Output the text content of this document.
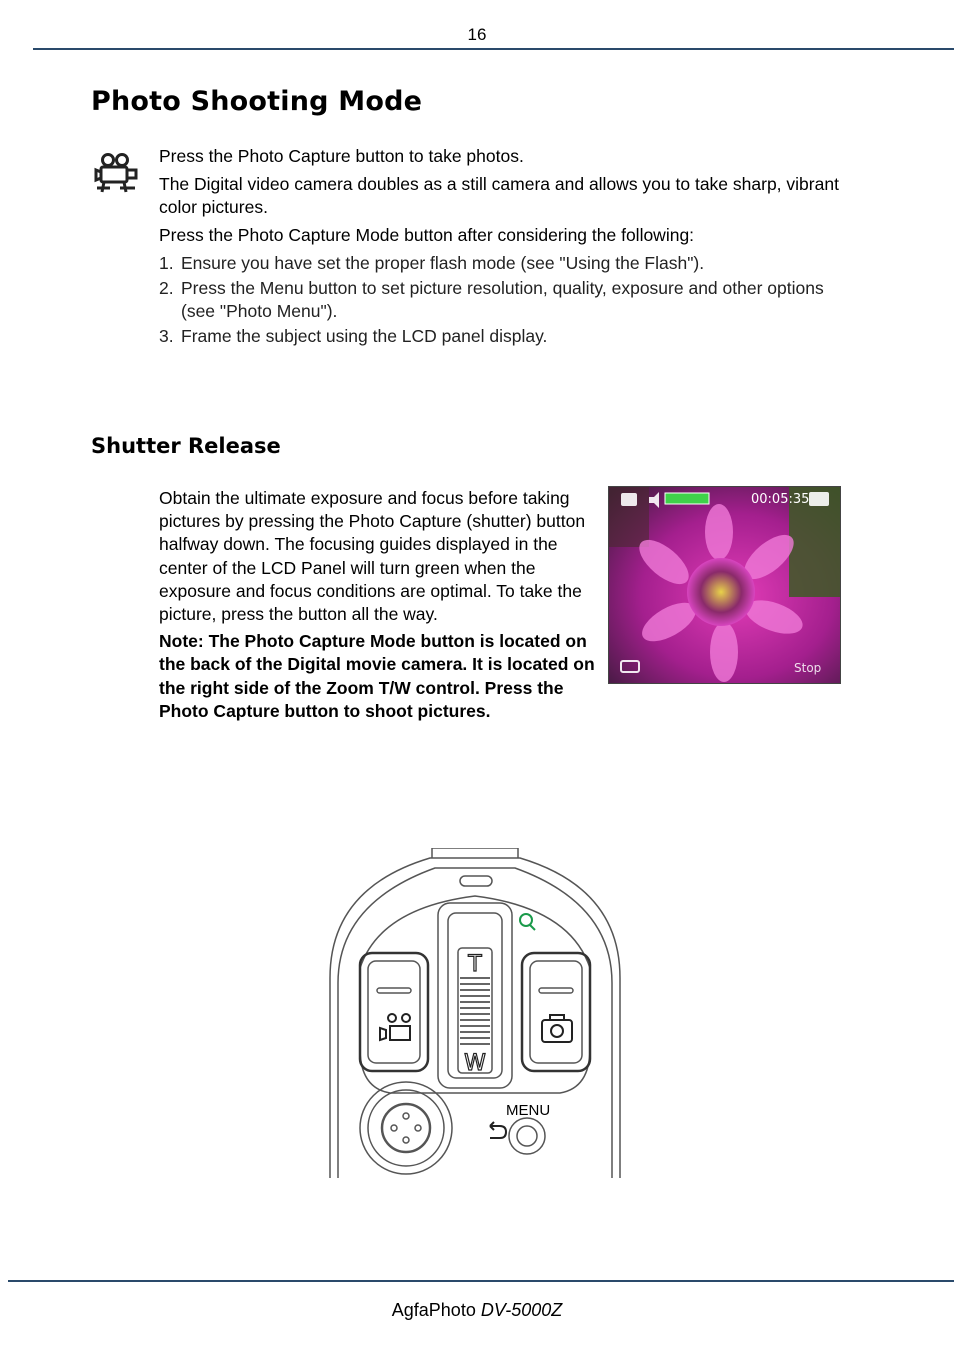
16
Photo Shooting Mode

Press the Photo Capture button to take photos.

The Digital video camera doubles as a still camera and allows you to take sharp, vibrant color pictures.

Press the Photo Capture Mode button after considering the following:

1. Ensure you have set the proper flash mode (see "Using the Flash").
2. Press the Menu button to set picture resolution, quality, exposure and other options (see "Photo Menu").
3. Frame the subject using the LCD panel display.
Shutter Release

Obtain the ultimate exposure and focus before taking pictures by pressing the Photo Capture (shutter) button halfway down. The focusing guides displayed in the center of the LCD Panel will turn green when the exposure and focus conditions are optimal. To take the picture, press the button all the way.

Note: The Photo Capture Mode button is located on the back of the Digital movie camera. It is located on the right side of the Zoom T/W control. Press the Photo Capture button to shoot pictures.

00:05:35
Stop
T
W
MENU
AgfaPhoto DV-5000Z
